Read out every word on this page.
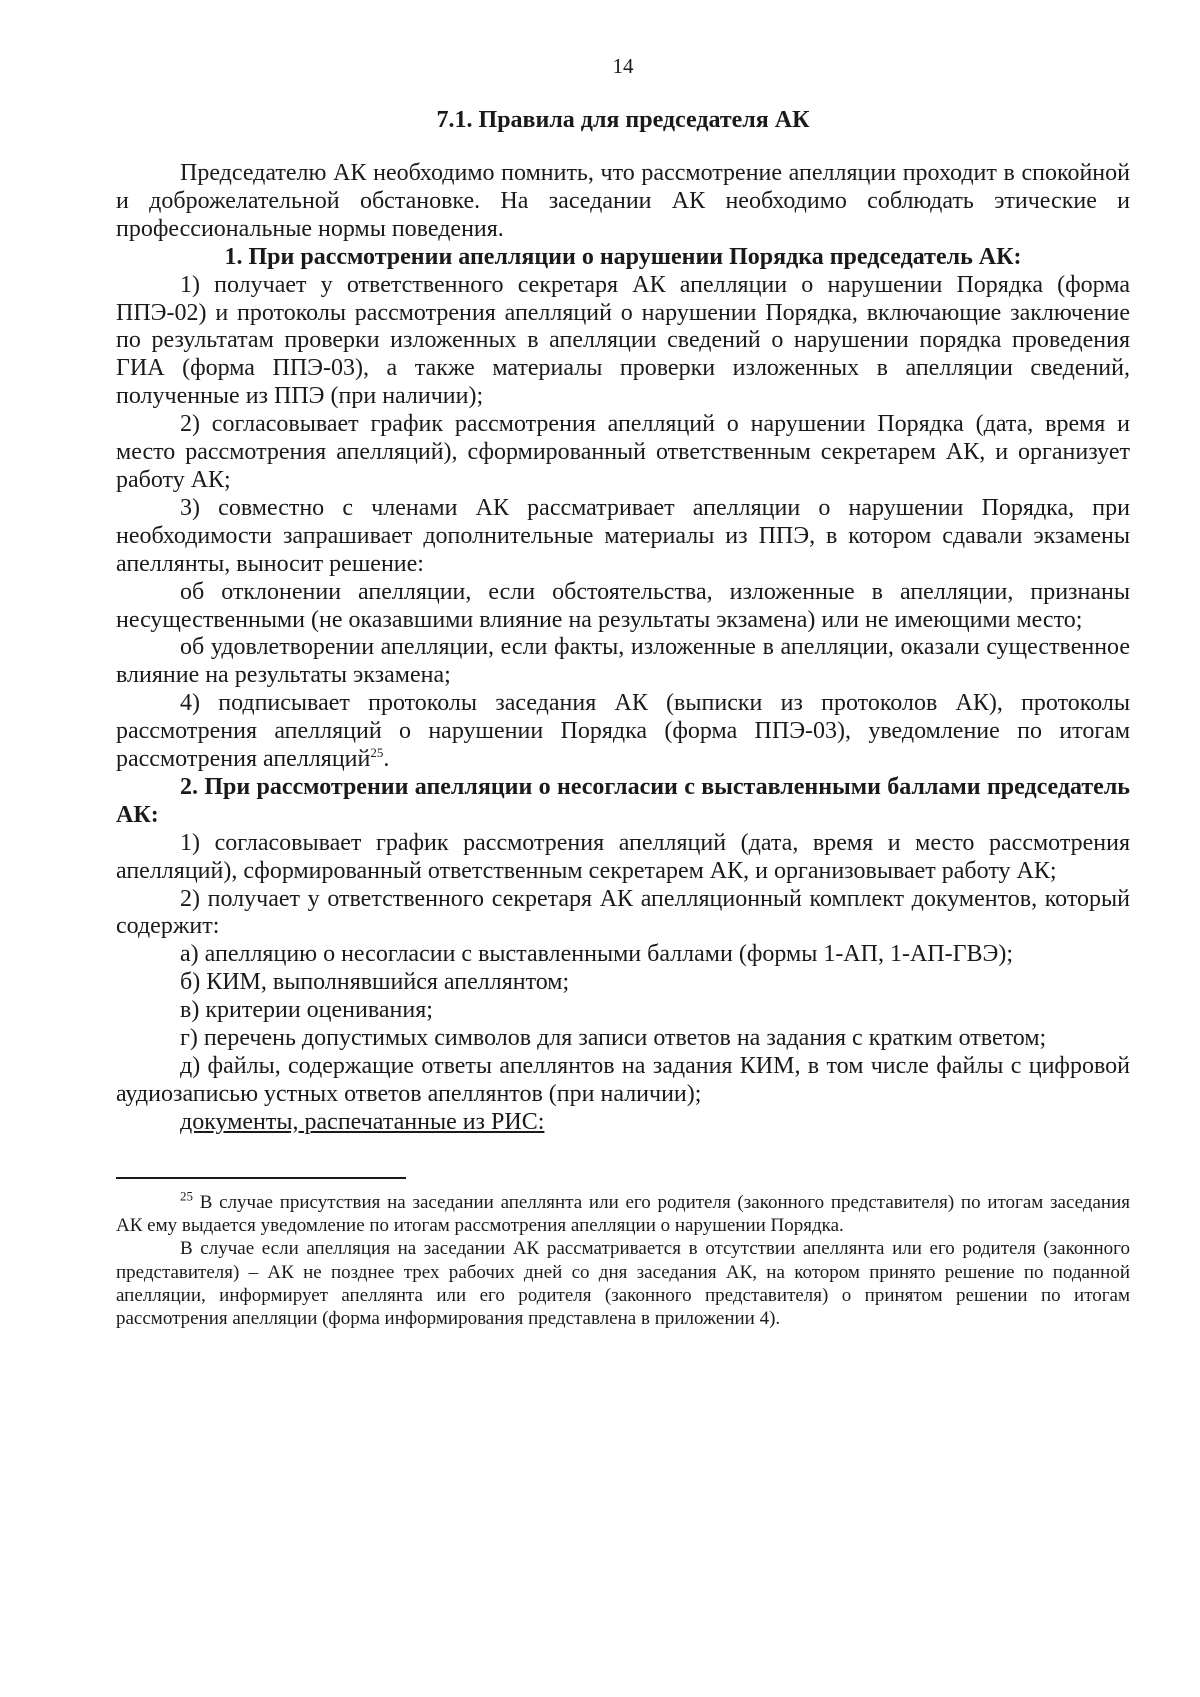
14
7.1. Правила для председателя АК

Председателю АК необходимо помнить, что рассмотрение апелляции проходит в спокойной и доброжелательной обстановке. На заседании АК необходимо соблюдать этические и профессиональные нормы поведения.

1. При рассмотрении апелляции о нарушении Порядка председатель АК:

1) получает у ответственного секретаря АК апелляции о нарушении Порядка (форма ППЭ-02) и протоколы рассмотрения апелляций о нарушении Порядка, включающие заключение по результатам проверки изложенных в апелляции сведений о нарушении порядка проведения ГИА (форма ППЭ-03), а также материалы проверки изложенных в апелляции сведений, полученные из ППЭ (при наличии);

2) согласовывает график рассмотрения апелляций о нарушении Порядка (дата, время и место рассмотрения апелляций), сформированный ответственным секретарем АК, и организует работу АК;

3) совместно с членами АК рассматривает апелляции о нарушении Порядка, при необходимости запрашивает дополнительные материалы из ППЭ, в котором сдавали экзамены апеллянты, выносит решение:

об отклонении апелляции, если обстоятельства, изложенные в апелляции, признаны несущественными (не оказавшими влияние на результаты экзамена) или не имеющими место;

об удовлетворении апелляции, если факты, изложенные в апелляции, оказали существенное влияние на результаты экзамена;

4) подписывает протоколы заседания АК (выписки из протоколов АК), протоколы рассмотрения апелляций о нарушении Порядка (форма ППЭ-03), уведомление по итогам рассмотрения апелляций$^{25}$.

2. При рассмотрении апелляции о несогласии с выставленными баллами председатель АК:

1) согласовывает график рассмотрения апелляций (дата, время и место рассмотрения апелляций), сформированный ответственным секретарем АК, и организовывает работу АК;

2) получает у ответственного секретаря АК апелляционный комплект документов, который содержит:

а) апелляцию о несогласии с выставленными баллами (формы 1-АП, 1-АП-ГВЭ);

б) КИМ, выполнявшийся апеллянтом;

в) критерии оценивания;

г) перечень допустимых символов для записи ответов на задания с кратким ответом;

д) файлы, содержащие ответы апеллянтов на задания КИМ, в том числе файлы с цифровой аудиозаписью устных ответов апеллянтов (при наличии);

документы, распечатанные из РИС:

$^{25}$ В случае присутствия на заседании апеллянта или его родителя (законного представителя) по итогам заседания АК ему выдается уведомление по итогам рассмотрения апелляции о нарушении Порядка.

В случае если апелляция на заседании АК рассматривается в отсутствии апеллянта или его родителя (законного представителя) – АК не позднее трех рабочих дней со дня заседания АК, на котором принято решение по поданной апелляции, информирует апеллянта или его родителя (законного представителя) о принятом решении по итогам рассмотрения апелляции (форма информирования представлена в приложении 4).
